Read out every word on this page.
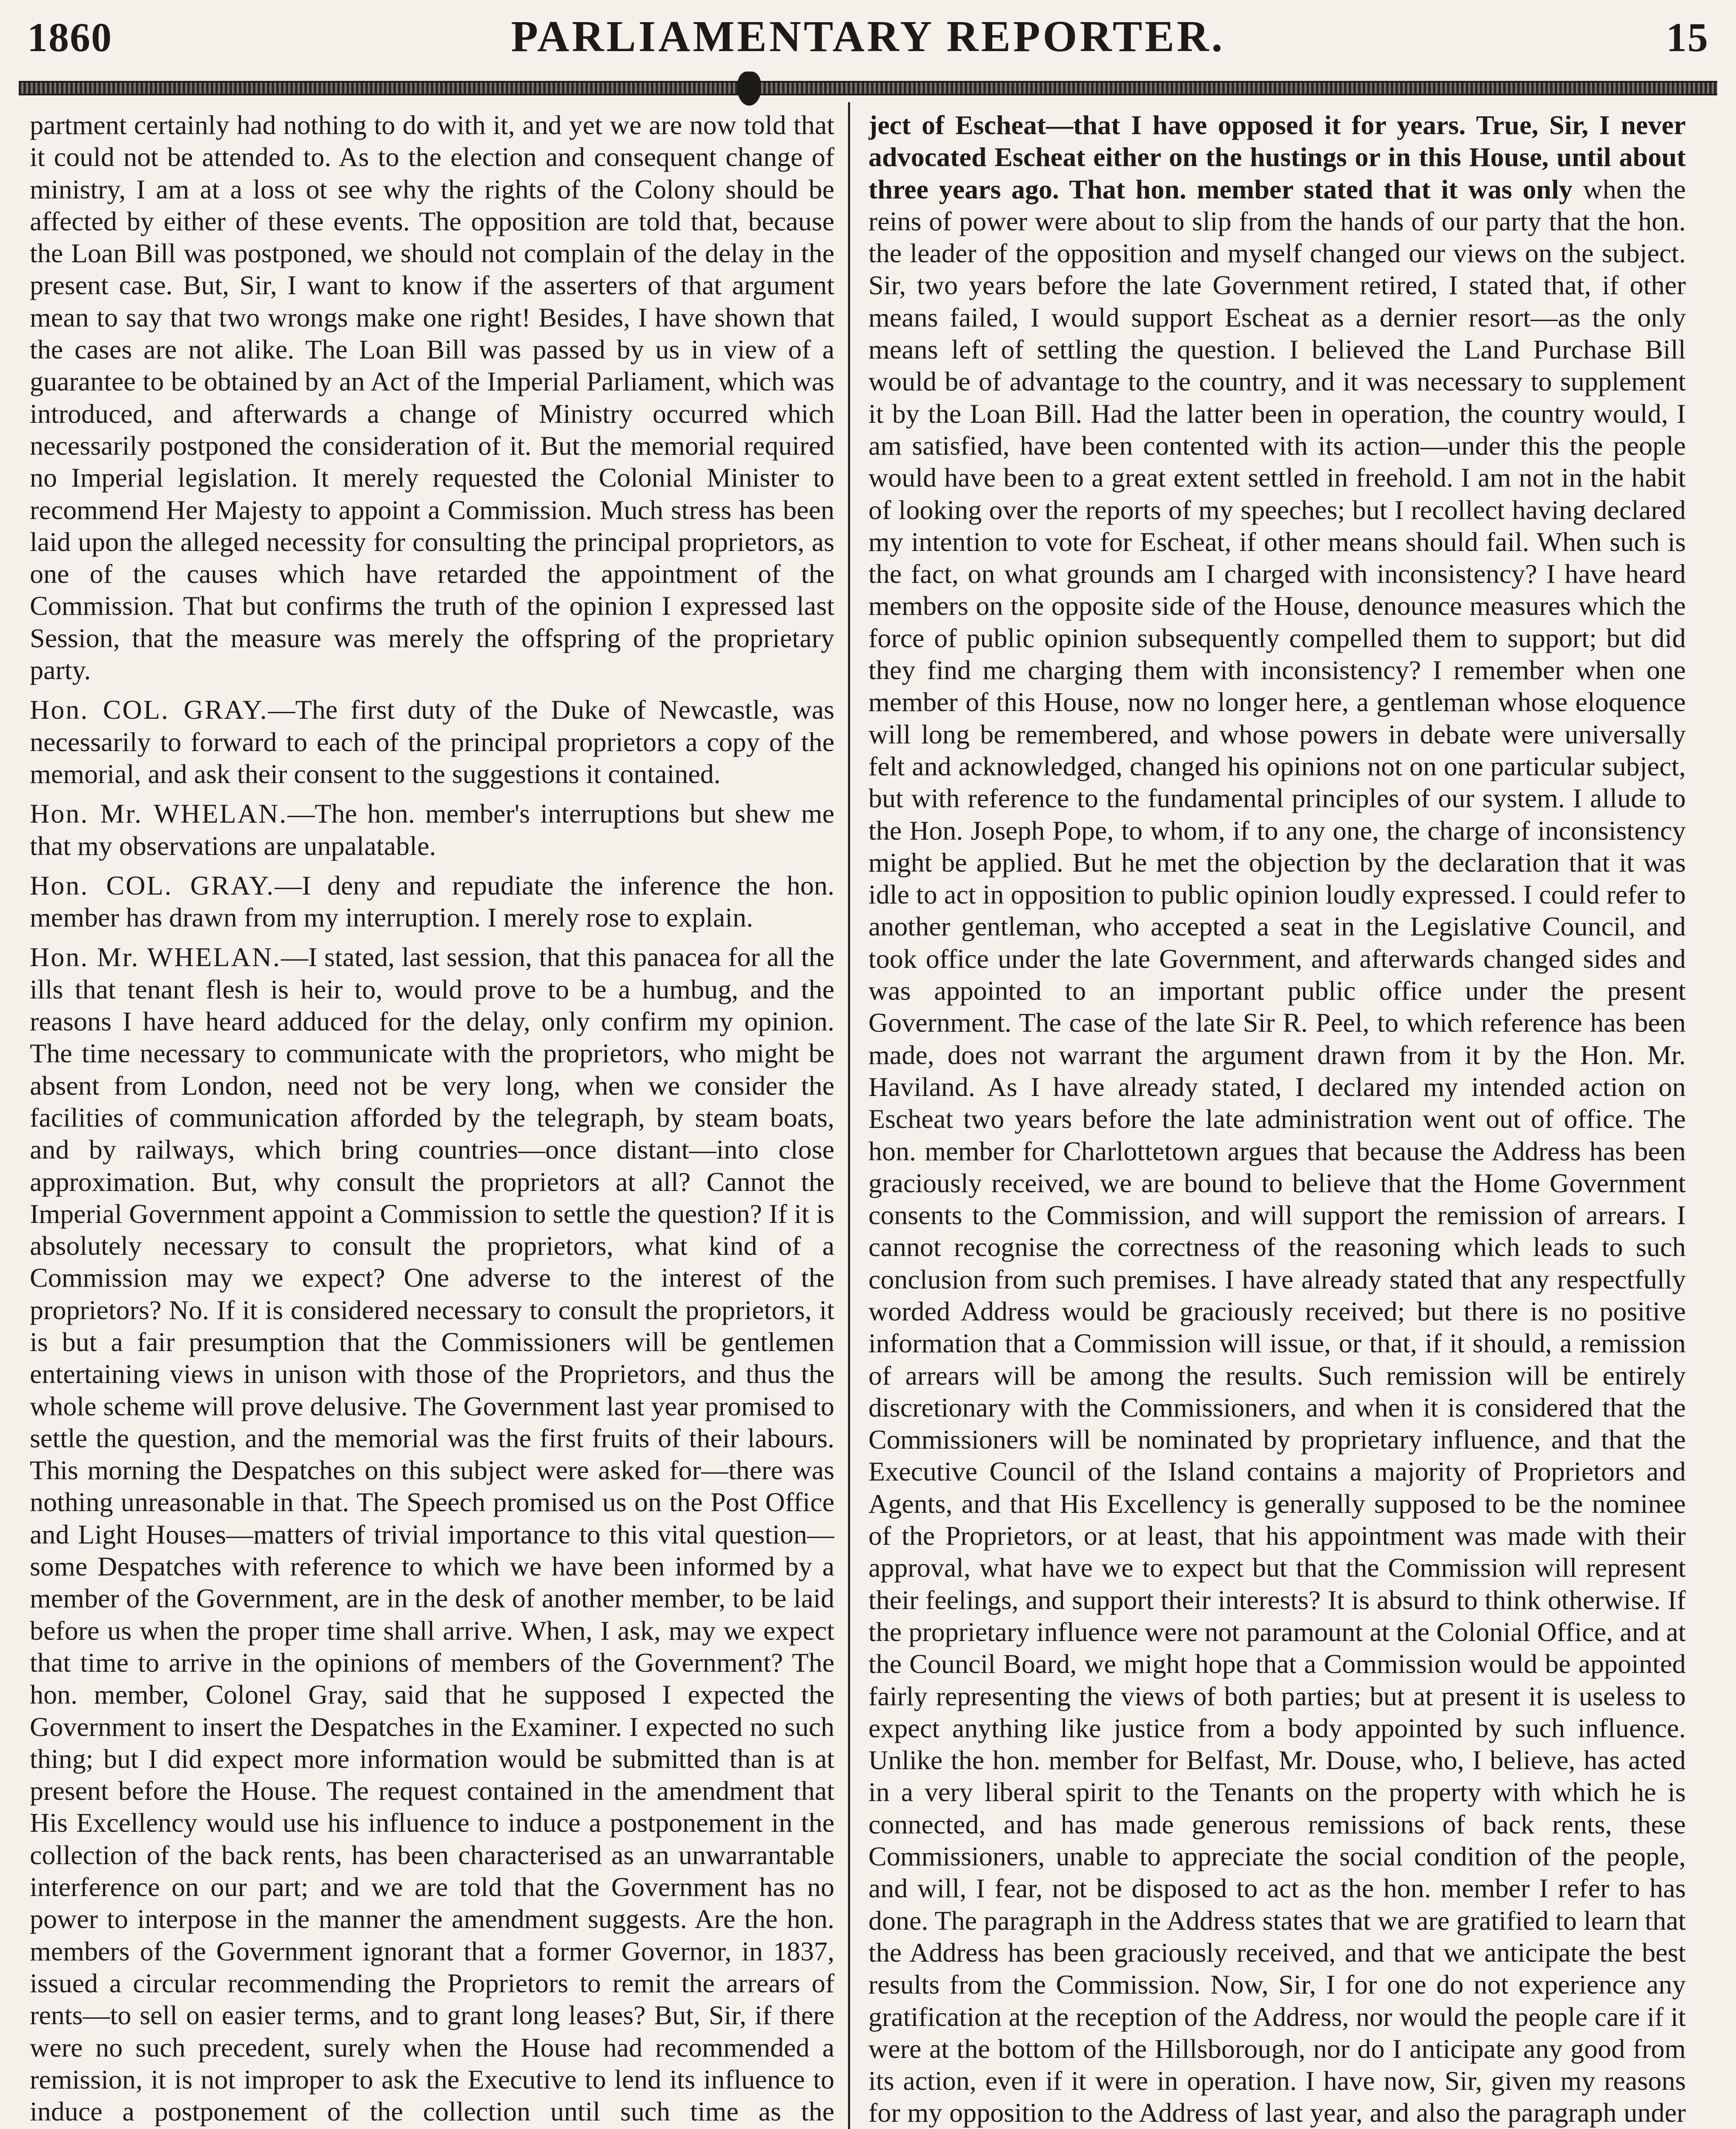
1860	PARLIAMENTARY REPORTER.	15

partment certainly had nothing to do with it, and yet we are now told that it could not be attended to. As to the election and consequent change of ministry, I am at a loss ot see why the rights of the Colony should be affected by either of these events. The opposition are told that, because the Loan Bill was postponed, we should not complain of the delay in the present case. But, Sir, I want to know if the asserters of that argument mean to say that two wrongs make one right! Besides, I have shown that the cases are not alike. The Loan Bill was passed by us in view of a guarantee to be obtained by an Act of the Imperial Parliament, which was introduced, and afterwards a change of Ministry occurred which necessarily postponed the consideration of it. But the memorial required no Imperial legislation. It merely requested the Colonial Minister to recommend Her Majesty to appoint a Commission. Much stress has been laid upon the alleged necessity for consulting the principal proprietors, as one of the causes which have retarded the appointment of the Commission. That but confirms the truth of the opinion I expressed last Session, that the measure was merely the offspring of the proprietary party.

Hon. COL. GRAY.—The first duty of the Duke of Newcastle, was necessarily to forward to each of the principal proprietors a copy of the memorial, and ask their consent to the suggestions it contained.

Hon. Mr. WHELAN.—The hon. member's interruptions but shew me that my observations are unpalatable.

Hon. COL. GRAY.—I deny and repudiate the inference the hon. member has drawn from my interruption. I merely rose to explain.

Hon. Mr. WHELAN.—I stated, last session, that this panacea for all the ills that tenant flesh is heir to, would prove to be a humbug, and the reasons I have heard adduced for the delay, only confirm my opinion. The time necessary to communicate with the proprietors, who might be absent from London, need not be very long, when we consider the facilities of communication afforded by the telegraph, by steam boats, and by railways, which bring countries—once distant—into close approximation. But, why consult the proprietors at all? Cannot the Imperial Government appoint a Commission to settle the question? If it is absolutely necessary to consult the proprietors, what kind of a Commission may we expect? One adverse to the interest of the proprietors? No. If it is considered necessary to consult the proprietors, it is but a fair presumption that the Commissioners will be gentlemen entertaining views in unison with those of the Proprietors, and thus the whole scheme will prove delusive. The Government last year promised to settle the question, and the memorial was the first fruits of their labours. This morning the Despatches on this subject were asked for—there was nothing unreasonable in that. The Speech promised us on the Post Office and Light Houses—matters of trivial importance to this vital question—some Despatches with reference to which we have been informed by a member of the Government, are in the desk of another member, to be laid before us when the proper time shall arrive. When, I ask, may we expect that time to arrive in the opinions of members of the Government? The hon. member, Colonel Gray, said that he supposed I expected the Government to insert the Despatches in the Examiner. I expected no such thing; but I did expect more information would be submitted than is at present before the House. The request contained in the amendment that His Excellency would use his influence to induce a postponement in the collection of the back rents, has been characterised as an unwarrantable interference on our part; and we are told that the Government has no power to interpose in the manner the amendment suggests. Are the hon. members of the Government ignorant that a former Governor, in 1837, issued a circular recommending the Proprietors to remit the arrears of rents—to sell on easier terms, and to grant long leases? But, Sir, if there were no such precedent, surely when the House had recommended a remission, it is not improper to ask the Executive to lend its influence to induce a postponement of the collection until such time as the

ject of Escheat—that I have opposed it for years. True, Sir, I never advocated Escheat either on the hustings or in this House, until about three years ago. That hon. member stated that it was only when the reins of power were about to slip from the hands of our party that the hon. the leader of the opposition and myself changed our views on the subject. Sir, two years before the late Government retired, I stated that, if other means failed, I would support Escheat as a dernier resort—as the only means left of settling the question. I believed the Land Purchase Bill would be of advantage to the country, and it was necessary to supplement it by the Loan Bill. Had the latter been in operation, the country would, I am satisfied, have been contented with its action—under this the people would have been to a great extent settled in freehold. I am not in the habit of looking over the reports of my speeches; but I recollect having declared my intention to vote for Escheat, if other means should fail. When such is the fact, on what grounds am I charged with inconsistency? I have heard members on the opposite side of the House, denounce measures which the force of public opinion subsequently compelled them to support; but did they find me charging them with inconsistency? I remember when one member of this House, now no longer here, a gentleman whose eloquence will long be remembered, and whose powers in debate were universally felt and acknowledged, changed his opinions not on one particular subject, but with reference to the fundamental principles of our system. I allude to the Hon. Joseph Pope, to whom, if to any one, the charge of inconsistency might be applied. But he met the objection by the declaration that it was idle to act in opposition to public opinion loudly expressed. I could refer to another gentleman, who accepted a seat in the Legislative Council, and took office under the late Government, and afterwards changed sides and was appointed to an important public office under the present Government. The case of the late Sir R. Peel, to which reference has been made, does not warrant the argument drawn from it by the Hon. Mr. Haviland. As I have already stated, I declared my intended action on Escheat two years before the late administration went out of office. The hon. member for Charlottetown argues that because the Address has been graciously received, we are bound to believe that the Home Government consents to the Commission, and will support the remission of arrears. I cannot recognise the correctness of the reasoning which leads to such conclusion from such premises. I have already stated that any respectfully worded Address would be graciously received; but there is no positive information that a Commission will issue, or that, if it should, a remission of arrears will be among the results. Such remission will be entirely discretionary with the Commissioners, and when it is considered that the Commissioners will be nominated by proprietary influence, and that the Executive Council of the Island contains a majority of Proprietors and Agents, and that His Excellency is generally supposed to be the nominee of the Proprietors, or at least, that his appointment was made with their approval, what have we to expect but that the Commission will represent their feelings, and support their interests? It is absurd to think otherwise. If the proprietary influence were not paramount at the Colonial Office, and at the Council Board, we might hope that a Commission would be appointed fairly representing the views of both parties; but at present it is useless to expect anything like justice from a body appointed by such influence. Unlike the hon. member for Belfast, Mr. Douse, who, I believe, has acted in a very liberal spirit to the Tenants on the property with which he is connected, and has made generous remissions of back rents, these Commissioners, unable to appreciate the social condition of the people, and will, I fear, not be disposed to act as the hon. member I refer to has done. The paragraph in the Address states that we are gratified to learn that the Address has been graciously received, and that we anticipate the best results from the Commission. Now, Sir, I for one do not experience any gratification at the reception of the Address, nor would the people care if it were at the bottom of the Hillsborough, nor do I anticipate any good from its action, even if it were in operation. I have now, Sir, given my reasons for my opposition to the Address of last year, and also the paragraph under
